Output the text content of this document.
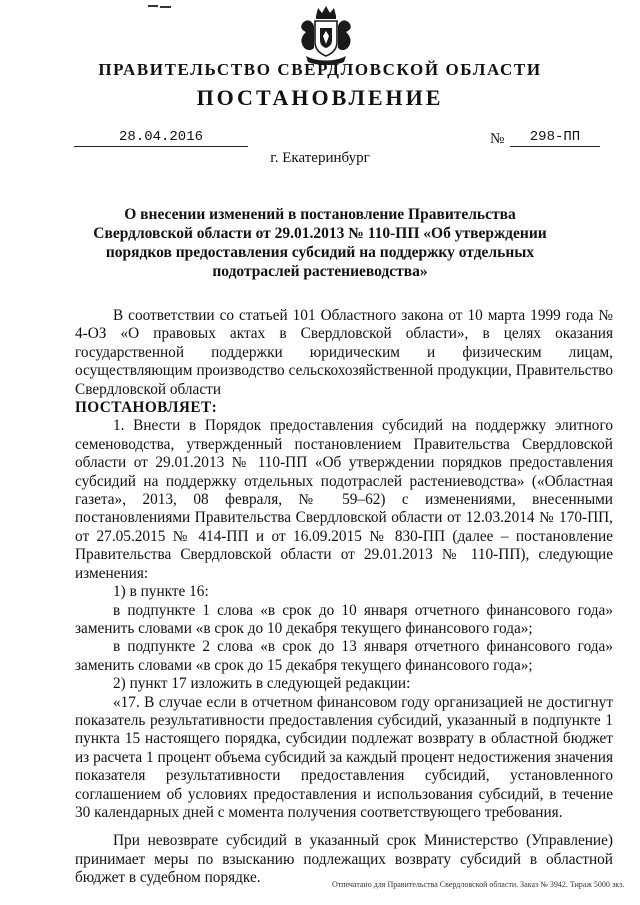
ПРАВИТЕЛЬСТВО СВЕРДЛОВСКОЙ ОБЛАСТИ
ПОСТАНОВЛЕНИЕ
28.04.2016	№	298-ПП
г. Екатеринбург
О внесении изменений в постановление Правительства Свердловской области от 29.01.2013 № 110-ПП «Об утверждении порядков предоставления субсидий на поддержку отдельных подотраслей растениеводства»

В соответствии со статьей 101 Областного закона от 10 марта 1999 года № 4-ОЗ «О правовых актах в Свердловской области», в целях оказания государственной поддержки юридическим и физическим лицам, осуществляющим производство сельскохозяйственной продукции, Правительство Свердловской области

ПОСТАНОВЛЯЕТ:

1. Внести в Порядок предоставления субсидий на поддержку элитного семеноводства, утвержденный постановлением Правительства Свердловской области от 29.01.2013 № 110-ПП «Об утверждении порядков предоставления субсидий на поддержку отдельных подотраслей растениеводства» («Областная газета», 2013, 08 февраля, № 59–62) с изменениями, внесенными постановлениями Правительства Свердловской области от 12.03.2014 № 170-ПП, от 27.05.2015 № 414-ПП и от 16.09.2015 № 830-ПП (далее – постановление Правительства Свердловской области от 29.01.2013 № 110-ПП), следующие изменения:

1) в пункте 16:

в подпункте 1 слова «в срок до 10 января отчетного финансового года» заменить словами «в срок до 10 декабря текущего финансового года»;

в подпункте 2 слова «в срок до 13 января отчетного финансового года» заменить словами «в срок до 15 декабря текущего финансового года»;

2) пункт 17 изложить в следующей редакции:

«17. В случае если в отчетном финансовом году организацией не достигнут показатель результативности предоставления субсидий, указанный в подпункте 1 пункта 15 настоящего порядка, субсидии подлежат возврату в областной бюджет из расчета 1 процент объема субсидий за каждый процент недостижения значения показателя результативности предоставления субсидий, установленного соглашением об условиях предоставления и использования субсидий, в течение 30 календарных дней с момента получения соответствующего требования.

При невозврате субсидий в указанный срок Министерство (Управление) принимает меры по взысканию подлежащих возврату субсидий в областной бюджет в судебном порядке.	Отпечатано для Правительства Свердловской области. Заказ № 3942. Тираж 5000 экз.
